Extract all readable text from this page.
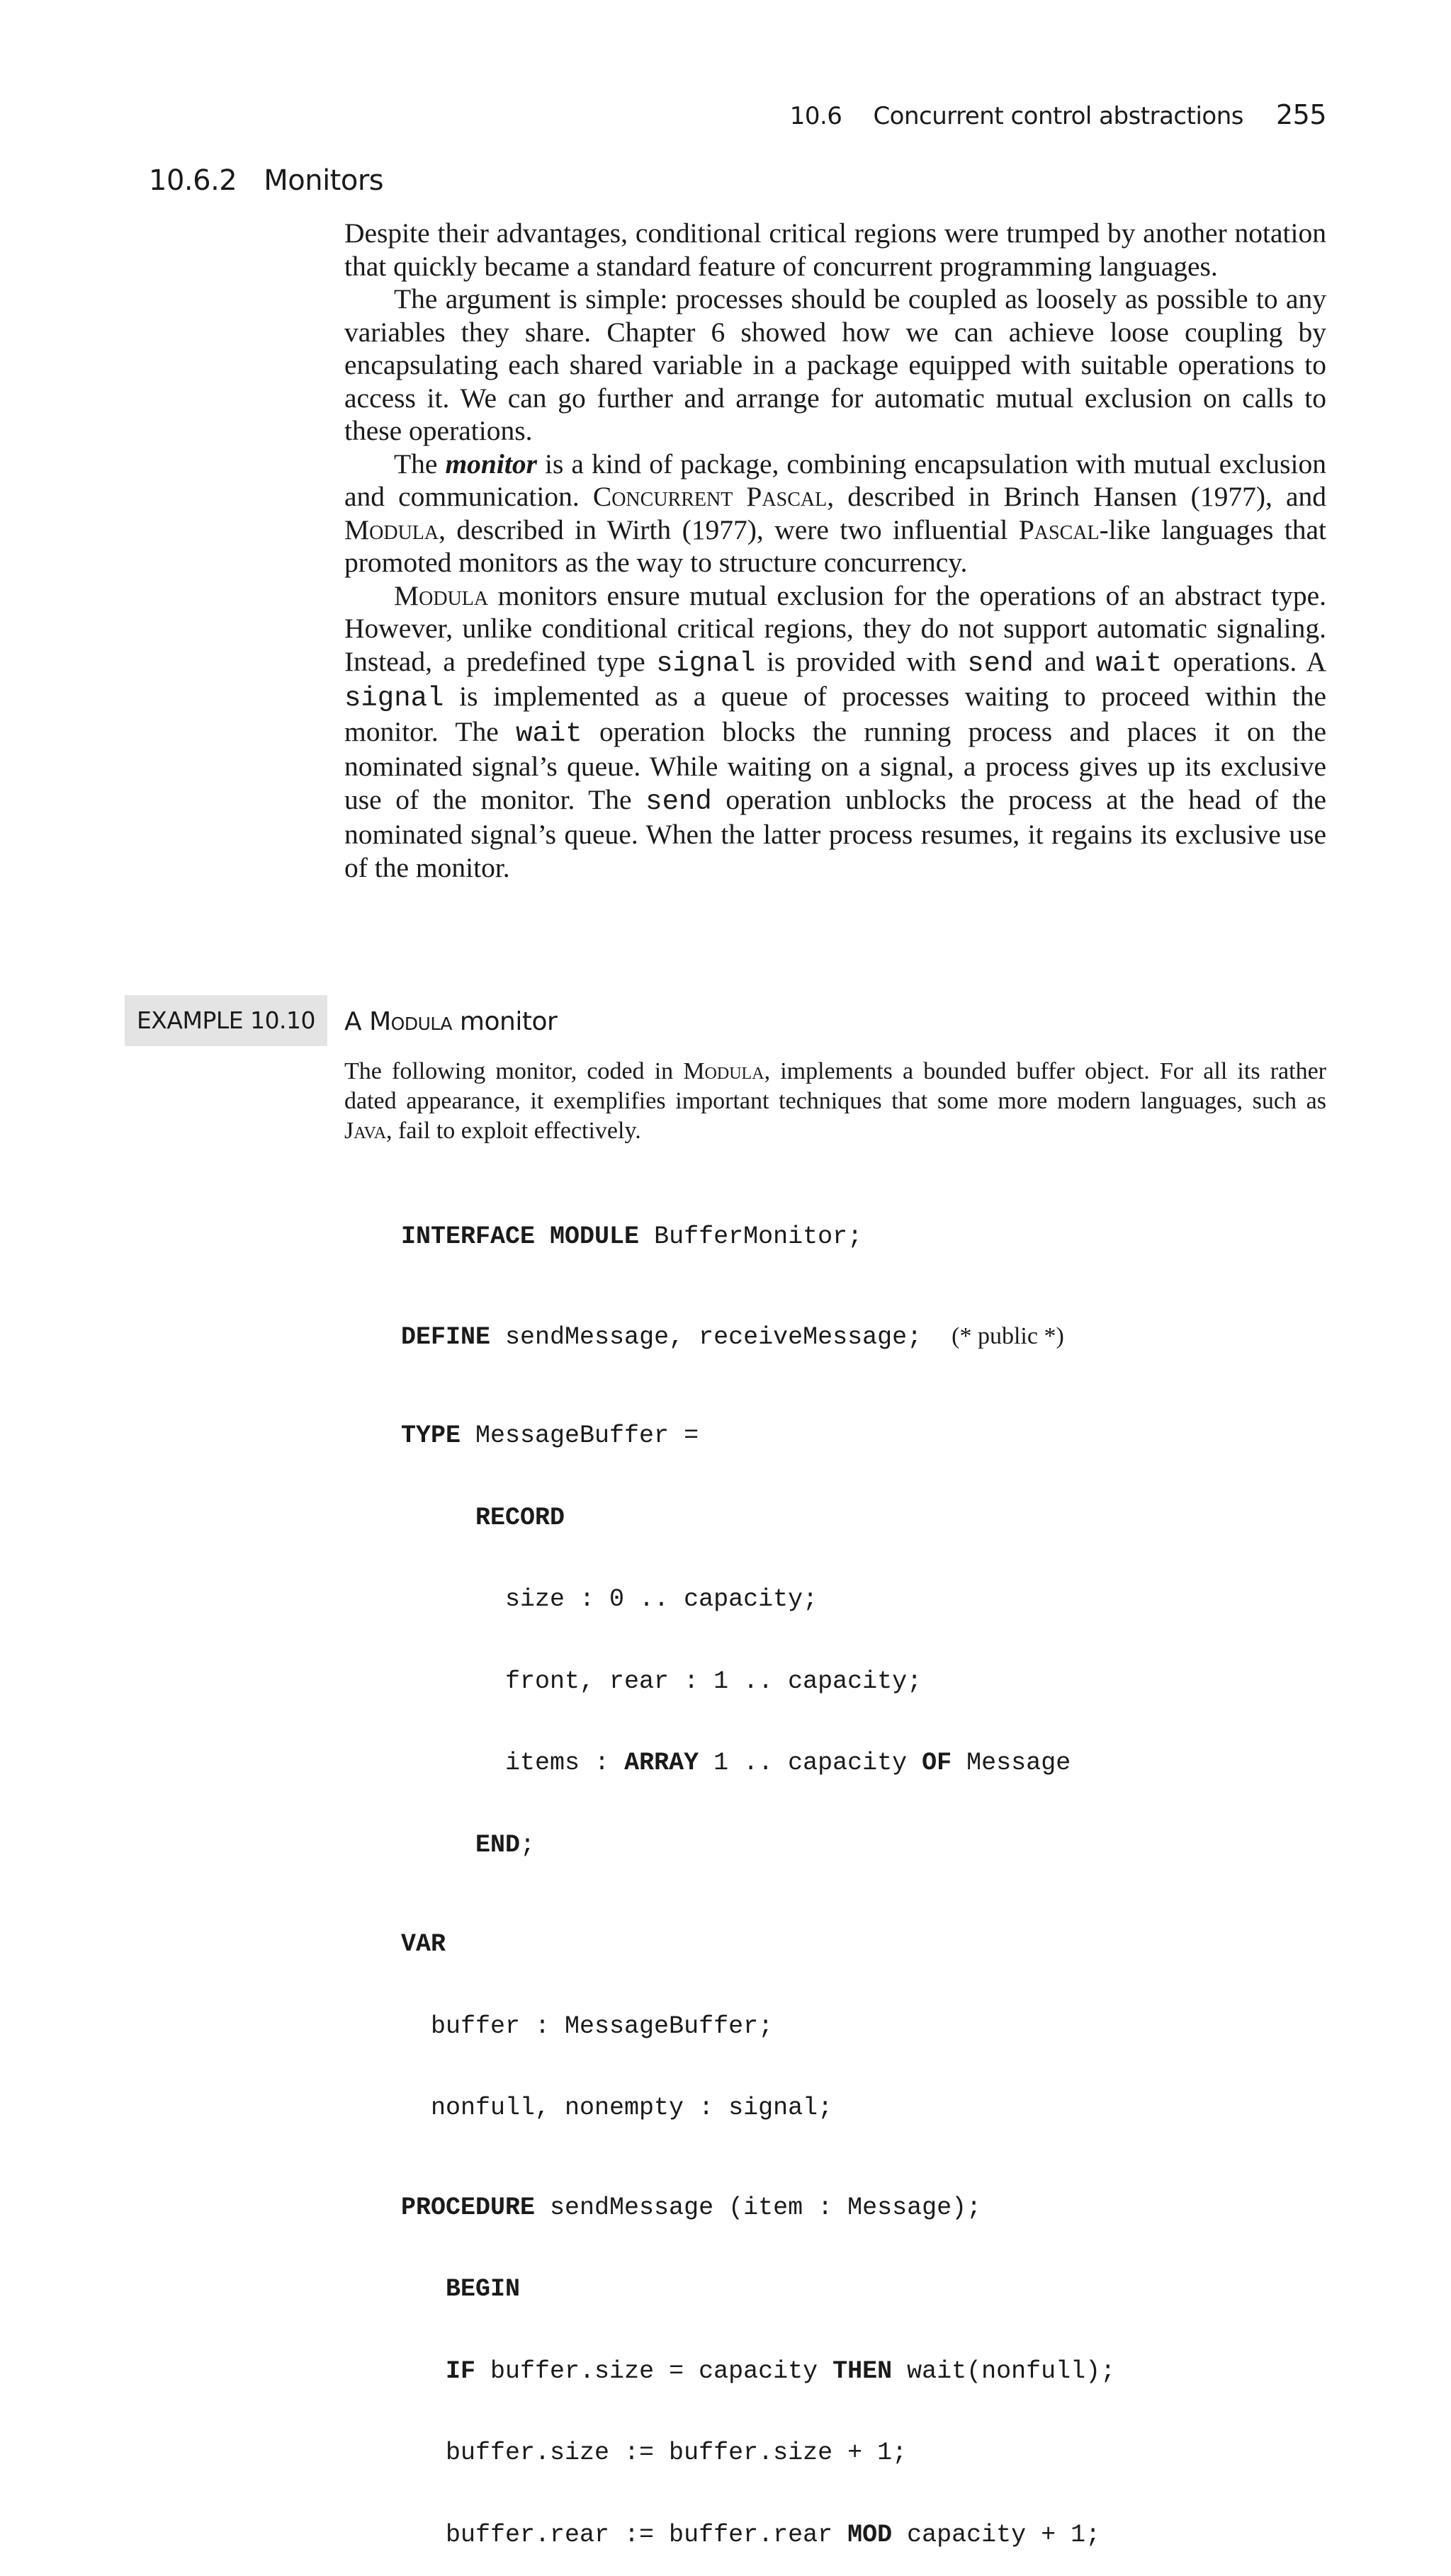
10.6 Concurrent control abstractions 255
10.6.2 Monitors

Despite their advantages, conditional critical regions were trumped by another notation that quickly became a standard feature of concurrent programming languages.

The argument is simple: processes should be coupled as loosely as possible to any variables they share. Chapter 6 showed how we can achieve loose coupling by encapsulating each shared variable in a package equipped with suitable operations to access it. We can go further and arrange for automatic mutual exclusion on calls to these operations.

The monitor is a kind of package, combining encapsulation with mutual exclusion and communication. Concurrent Pascal, described in Brinch Hansen (1977), and Modula, described in Wirth (1977), were two influential Pascal-like languages that promoted monitors as the way to structure concurrency.

Modula monitors ensure mutual exclusion for the operations of an abstract type. However, unlike conditional critical regions, they do not support automatic signaling. Instead, a predefined type signal is provided with send and wait operations. A signal is implemented as a queue of processes waiting to proceed within the monitor. The wait operation blocks the running process and places it on the nominated signal’s queue. While waiting on a signal, a process gives up its exclusive use of the monitor. The send operation unblocks the process at the head of the nominated signal’s queue. When the latter process resumes, it regains its exclusive use of the monitor.

EXAMPLE 10.10	A Modula monitor

The following monitor, coded in Modula, implements a bounded buffer object. For all its rather dated appearance, it exemplifies important techniques that some more modern languages, such as Java, fail to exploit effectively.

INTERFACE MODULE BufferMonitor;

DEFINE sendMessage, receiveMessage;  (* public *)

TYPE MessageBuffer =

RECORD

size : 0 .. capacity;

front, rear : 1 .. capacity;

items : ARRAY 1 .. capacity OF Message

END;

VAR

buffer : MessageBuffer;

nonfull, nonempty : signal;

PROCEDURE sendMessage (item : Message);

BEGIN

IF buffer.size = capacity THEN wait(nonfull);

buffer.size := buffer.size + 1;

buffer.rear := buffer.rear MOD capacity + 1;
